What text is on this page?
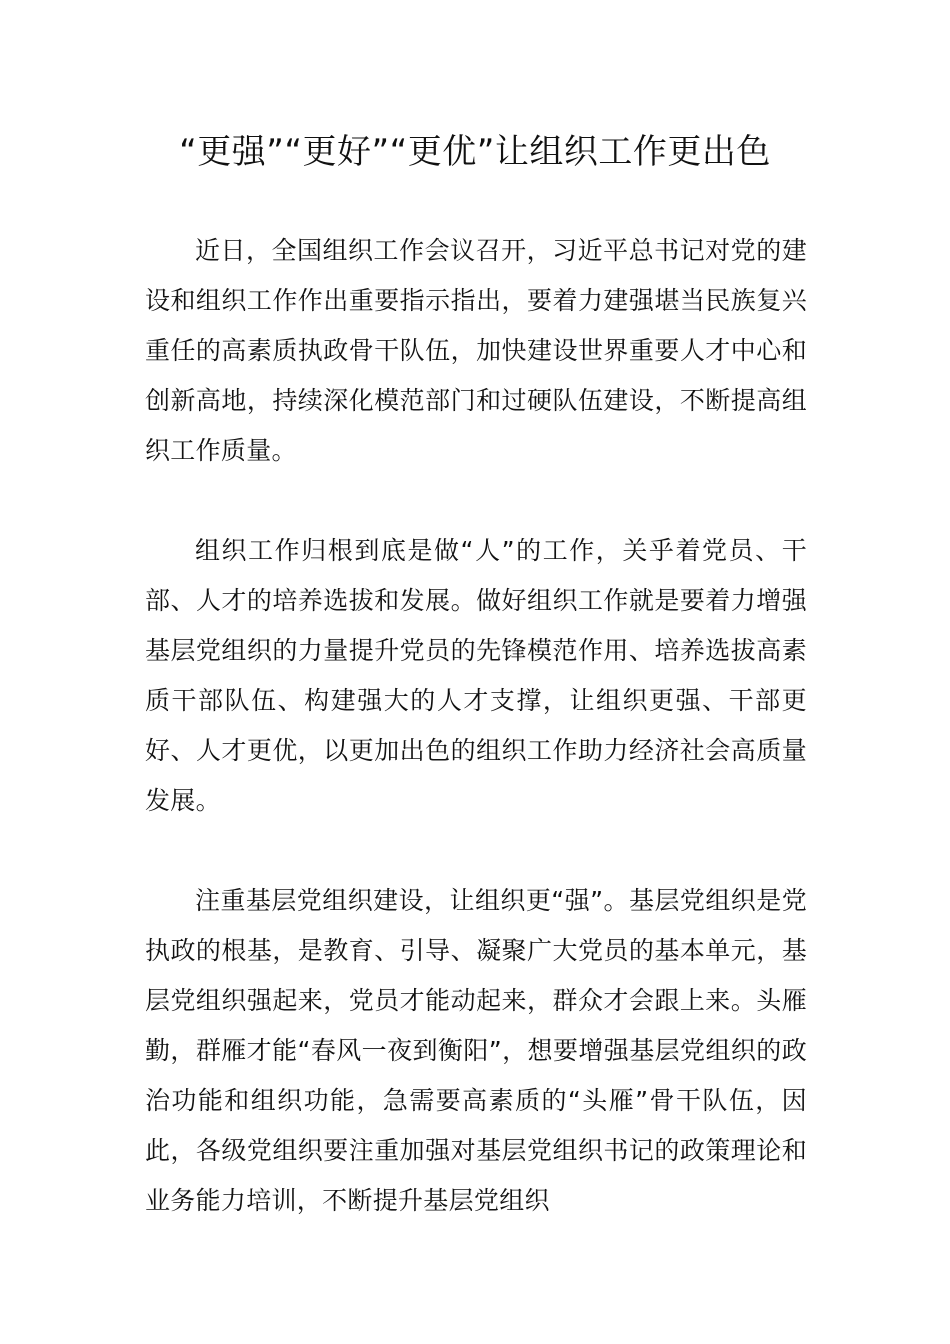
“更强”“更好”“更优”让组织工作更出色

近日，全国组织工作会议召开，习近平总书记对党的建设和组织工作作出重要指示指出，要着力建强堪当民族复兴重任的高素质执政骨干队伍，加快建设世界重要人才中心和创新高地，持续深化模范部门和过硬队伍建设，不断提高组织工作质量。

组织工作归根到底是做“人”的工作，关乎着党员、干部、人才的培养选拔和发展。做好组织工作就是要着力增强基层党组织的力量提升党员的先锋模范作用、培养选拔高素质干部队伍、构建强大的人才支撑，让组织更强、干部更好、人才更优，以更加出色的组织工作助力经济社会高质量发展。

注重基层党组织建设，让组织更“强”。基层党组织是党执政的根基，是教育、引导、凝聚广大党员的基本单元，基层党组织强起来，党员才能动起来，群众才会跟上来。头雁勤，群雁才能“春风一夜到衡阳”，想要增强基层党组织的政治功能和组织功能，急需要高素质的“头雁”骨干队伍，因此，各级党组织要注重加强对基层党组织书记的政策理论和业务能力培训，不断提升基层党组织
